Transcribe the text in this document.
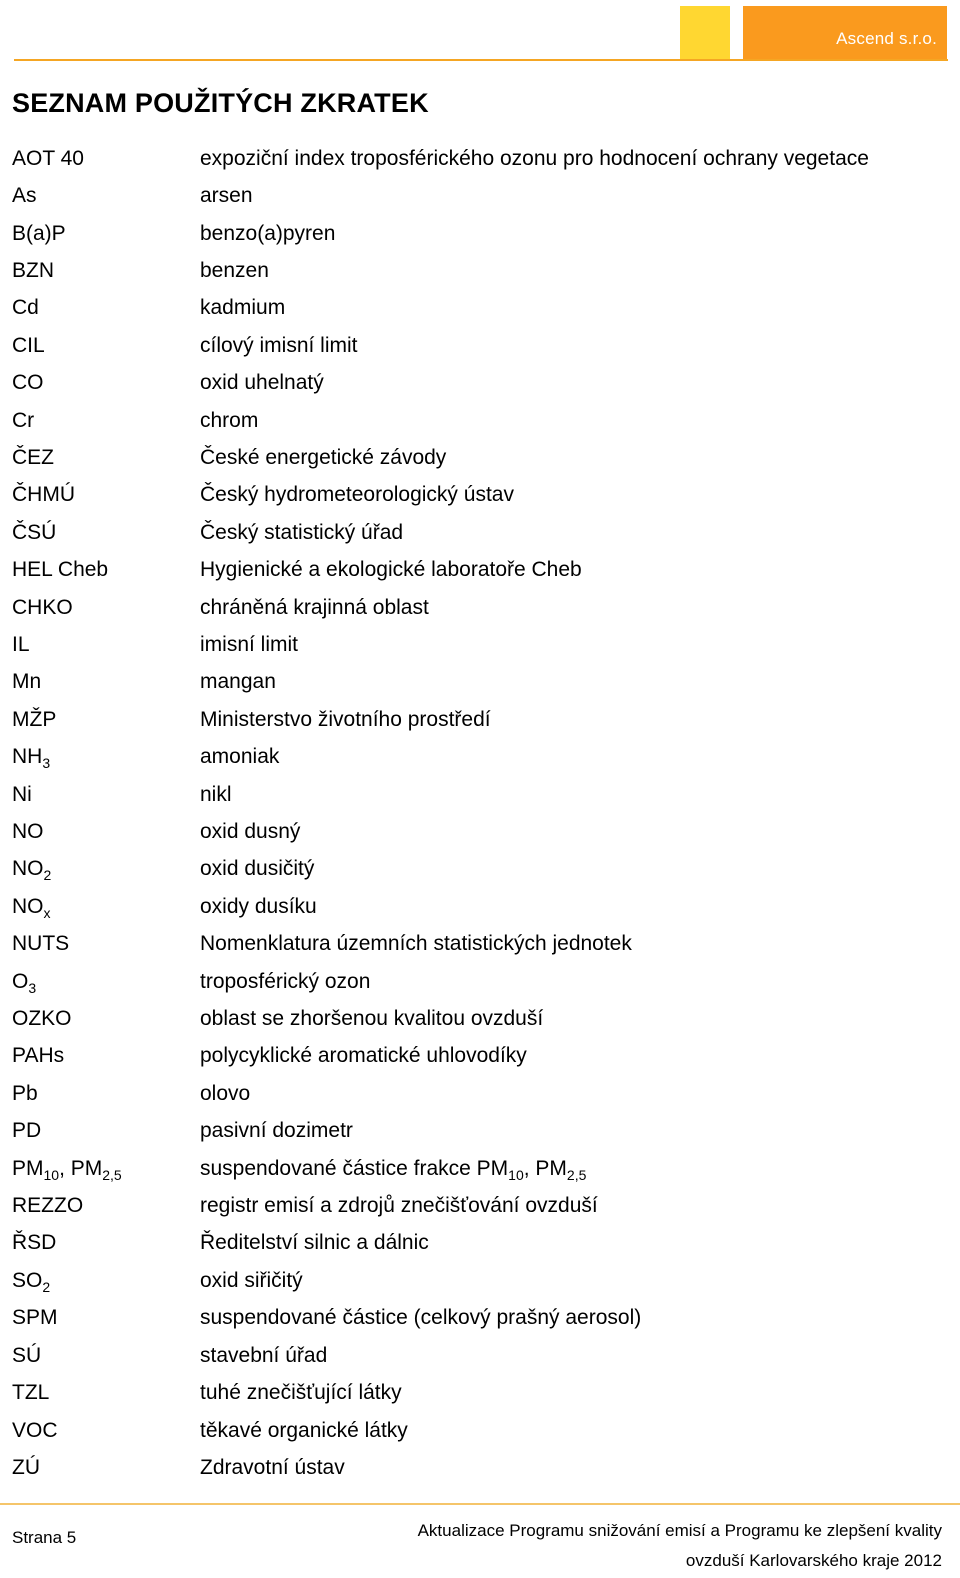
Ascend s.r.o.
SEZNAM POUŽITÝCH ZKRATEK
AOT 40	expoziční index troposférického ozonu pro hodnocení ochrany vegetace
As	arsen
B(a)P	benzo(a)pyren
BZN	benzen
Cd	kadmium
CIL	cílový imisní limit
CO	oxid uhelnatý
Cr	chrom
ČEZ	České energetické závody
ČHMÚ	Český hydrometeorologický ústav
ČSÚ	Český statistický úřad
HEL Cheb	Hygienické a ekologické laboratoře Cheb
CHKO	chráněná krajinná oblast
IL	imisní limit
Mn	mangan
MŽP	Ministerstvo životního prostředí
$NH_3$	amoniak
Ni	nikl
NO	oxid dusný
$NO_2$	oxid dusičitý
$NO_x$	oxidy dusíku
NUTS	Nomenklatura územních statistických jednotek
$O_3$	troposférický ozon
OZKO	oblast se zhoršenou kvalitou ovzduší
PAHs	polycyklické aromatické uhlovodíky
Pb	olovo
PD	pasivní dozimetr
$PM_{10}$, $PM_{2,5}$	suspendované částice frakce $PM_{10}$, $PM_{2,5}$
REZZO	registr emisí a zdrojů znečišťování ovzduší
ŘSD	Ředitelství silnic a dálnic
$SO_2$	oxid siřičitý
SPM	suspendované částice (celkový prašný aerosol)
SÚ	stavební úřad
TZL	tuhé znečišťující látky
VOC	těkavé organické látky
ZÚ	Zdravotní ústav
Strana 5	Aktualizace Programu snižování emisí a Programu ke zlepšení kvality
ovzduší Karlovarského kraje 2012
